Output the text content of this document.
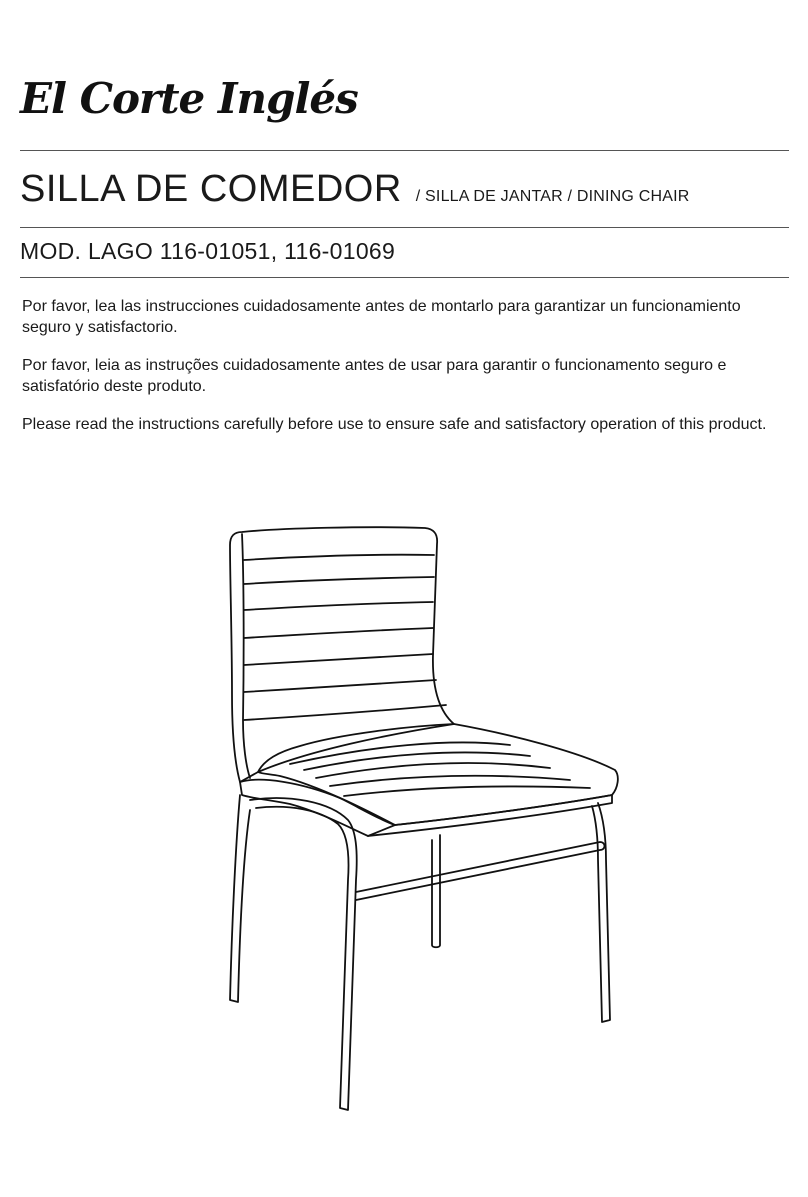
El Corte Inglés
SILLA DE COMEDOR / SILLA DE JANTAR / DINING CHAIR
MOD. LAGO 116-01051, 116-01069

Por favor, lea las instrucciones cuidadosamente antes de montarlo para garantizar un funcionamiento seguro y satisfactorio.

Por favor, leia as instruções cuidadosamente antes de usar para garantir o funcionamento seguro e satisfatório deste produto.

Please read the instructions carefully before use to ensure safe and satisfactory operation of this product.
